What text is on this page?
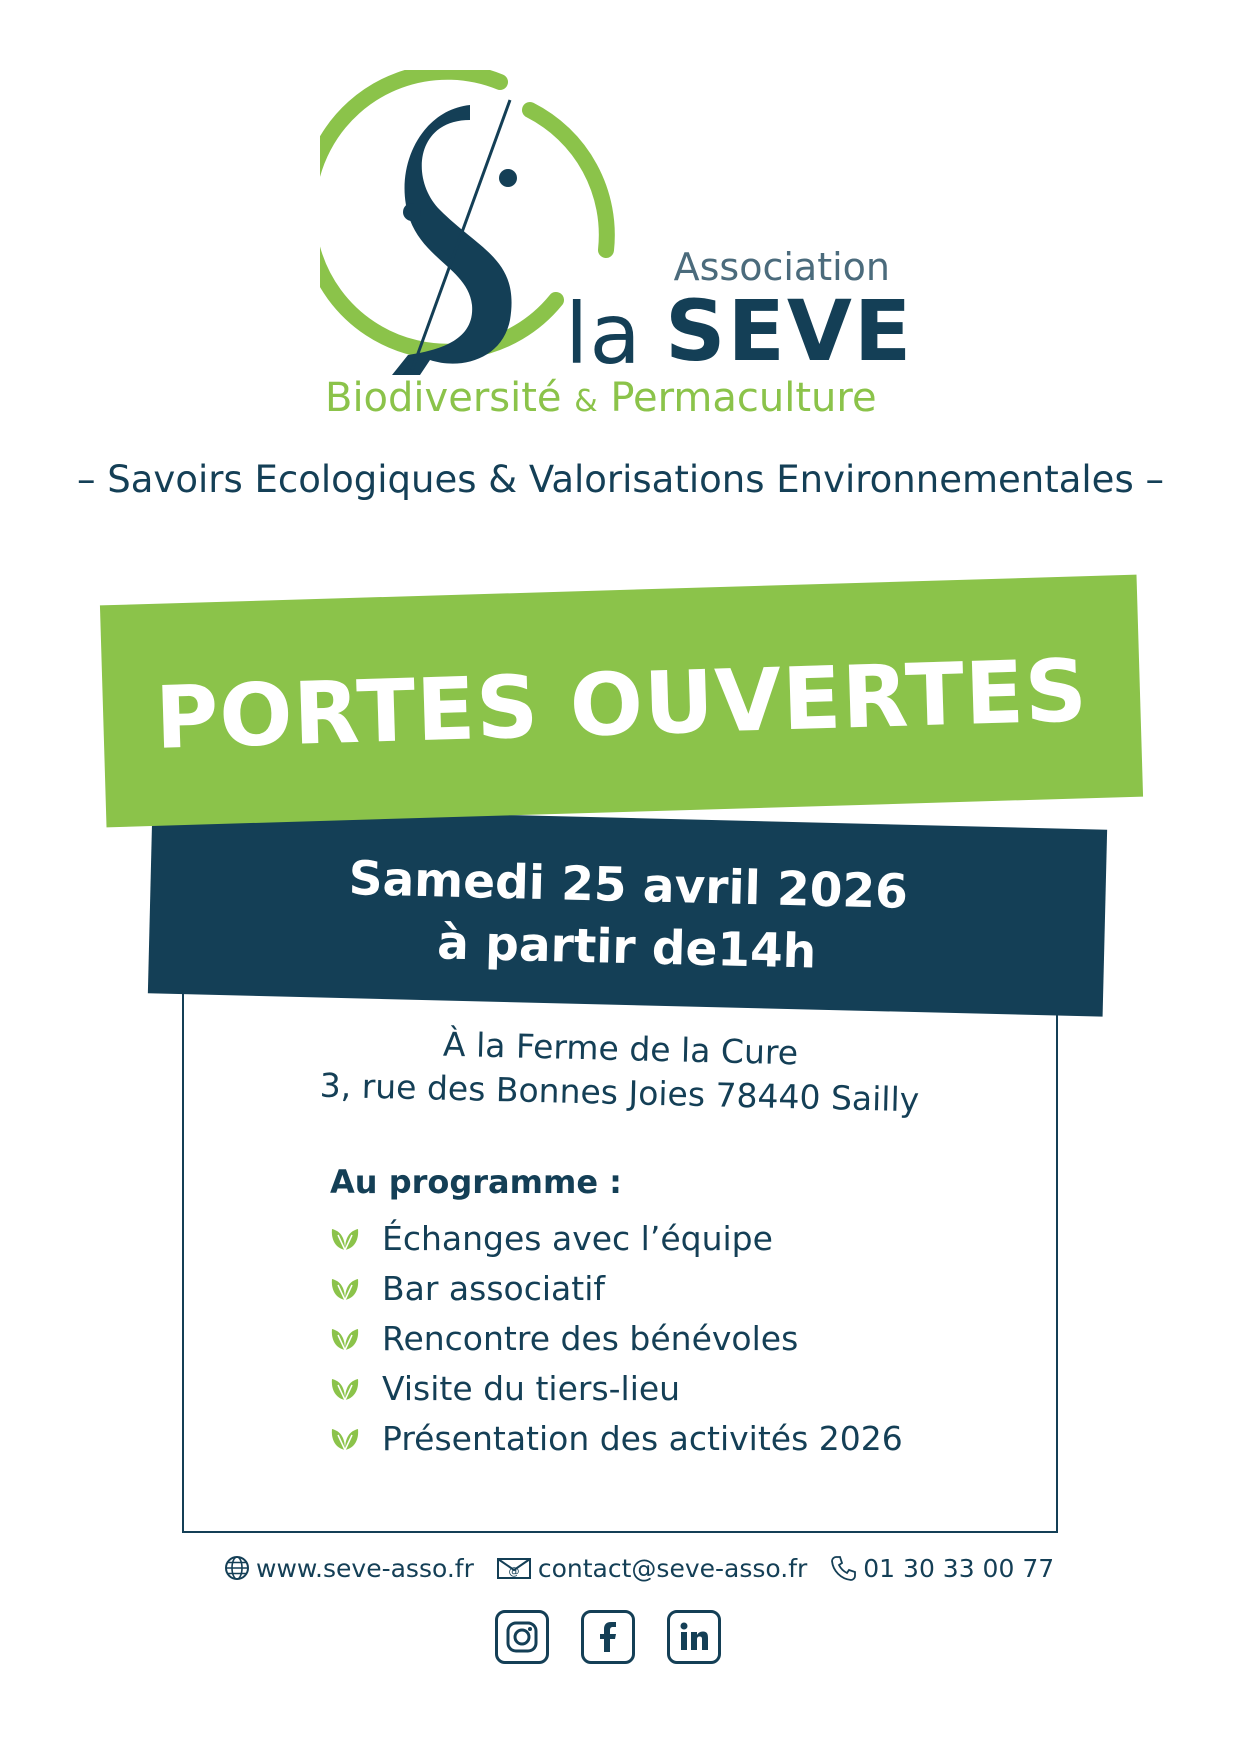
Association
la SEVE
Biodiversité & Permaculture
– Savoirs Ecologiques & Valorisations Environnementales –
Samedi 25 avril 2026
à partir de14h
PORTES OUVERTES
À la Ferme de la Cure
3, rue des Bonnes Joies 78440 Sailly
Au programme :
Échanges avec l’équipe
Bar associatif
Rencontre des bénévoles
Visite du tiers-lieu
Présentation des activités 2026
www.seve-asso.fr	@ contact@seve-asso.fr 01 30 33 00 77
